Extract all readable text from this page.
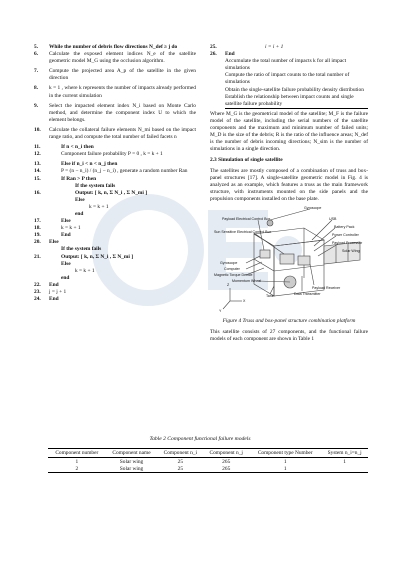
5.	While the number of debris flow directions N_def ≥ j do
6.	Calculate the exposed element indices N_e of the satellite geometric model M_G using the occlusion algorithm.
7.	Compute the projected area A_p of the satellite in the given direction
8.	k = 1 , where k represents the number of impacts already performed in the current simulation
9.	Select the impacted element index N_i based on Monte Carlo method, and determine the component index U to which the element belongs.
10.	Calculate the collateral failure elements N_mi based on the impact range ratio, and compute the total number of failed facets n
11.	If n < n_i then
12.	Component failure probability P = 0 , k = k + 1
13.	Else if n_i < n < n_j then
14.	P = (n − n_i) / (n_j − n_i) , generate a random number Ran
15.	If Ran > P then
If the system fails
16.	Output: [ k, n, Σ N_i , Σ N_mi ]
Else
k = k + 1
end
17.	Else
18.	k = k + 1
19.	End
20.	Else
If the system fails
21.	Output: [ k, n, Σ N_i , Σ N_mi ]
Else
k = k + 1
end
22.	End
23.	j = j + 1
24.	End
25.	i = i + 1
26.	End
Accumulate the total number of impacts k for all impact simulations
Compute the ratio of impact counts to the total number of simulations
Obtain the single-satellite failure probability density distribution
Establish the relationship between impact counts and single satellite failure probability
Where M_G is the geometrical model of the satellite; M_F is the failure model of the satellite, including the serial numbers of the satellite components and the maximum and minimum number of failed units; M_D is the size of the debris; R is the ratio of the influence areas; N_def is the number of debris incoming directions; N_sim is the number of simulations in a single direction.
2.3 Simulation of single satellite
The satellites are mostly composed of a combination of truss and box-panel structures [17]. A single-satellite geometric model in Fig. 4 is analyzed as an example, which features a truss as the main framework structure, with instruments mounted on the side panels and the propulsion components installed on the base plate.
Gyroscope
Payload Electrical Control Box	USB
Sun Sensitive Electrical Control Box
Battery Pack
Power Controller
Payload Processor
Solar Wing
Gyroscope
Computer
Magnetic Torque Device
Momentum Wheel
Tank
Payload Receiver
Data Transmitter
Z
X
Y
Figure 4 Truss and box-panel structure combination platform
This satellite consists of 27 components, and the functional failure models of each component are shown in Table 1
Table 2 Component functional failure models
Component number	Component name	Component n_i	Component n_j	Component type Number	System n_i=n_j
1	Solar wing	25	265	1	1
2	Solar wing	25	265	1	
